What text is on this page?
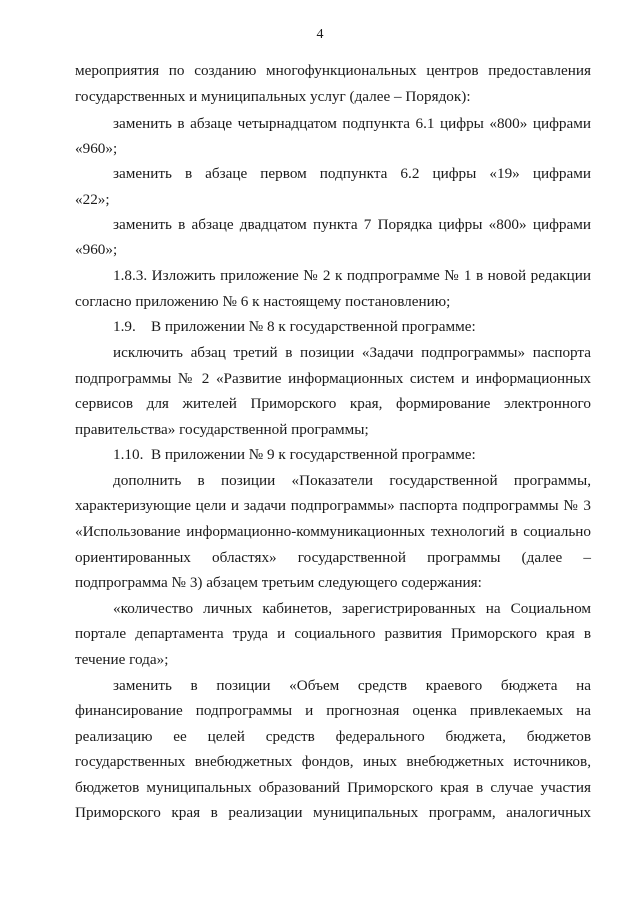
4
мероприятия по созданию многофункциональных центров предоставления
государственных и муниципальных услуг (далее – Порядок):
заменить в абзаце четырнадцатом подпункта 6.1 цифры «800» цифрами
«960»;
заменить в абзаце первом подпункта 6.2 цифры «19» цифрами
«22»;
заменить в абзаце двадцатом пункта 7 Порядка цифры «800» цифрами
«960»;
1.8.3. Изложить приложение № 2 к подпрограмме № 1 в новой редакции
согласно приложению № 6 к настоящему постановлению;
1.9.    В приложении № 8 к государственной программе:
исключить абзац третий в позиции «Задачи подпрограммы» паспорта
подпрограммы № 2 «Развитие информационных систем и информационных
сервисов для жителей Приморского края, формирование электронного
правительства» государственной программы;
1.10.  В приложении № 9 к государственной программе:
дополнить в позиции «Показатели государственной программы,
характеризующие цели и задачи подпрограммы» паспорта подпрограммы № 3
«Использование информационно-коммуникационных технологий в социально
ориентированных областях» государственной программы (далее –
подпрограмма № 3) абзацем третьим следующего содержания:
«количество личных кабинетов, зарегистрированных на Социальном
портале департамента труда и социального развития Приморского края в
течение года»;
заменить в позиции «Объем средств краевого бюджета на
финансирование подпрограммы и прогнозная оценка привлекаемых на
реализацию ее целей средств федерального бюджета, бюджетов
государственных внебюджетных фондов, иных внебюджетных источников,
бюджетов муниципальных образований Приморского края в случае участия
Приморского края в реализации муниципальных программ, аналогичных
